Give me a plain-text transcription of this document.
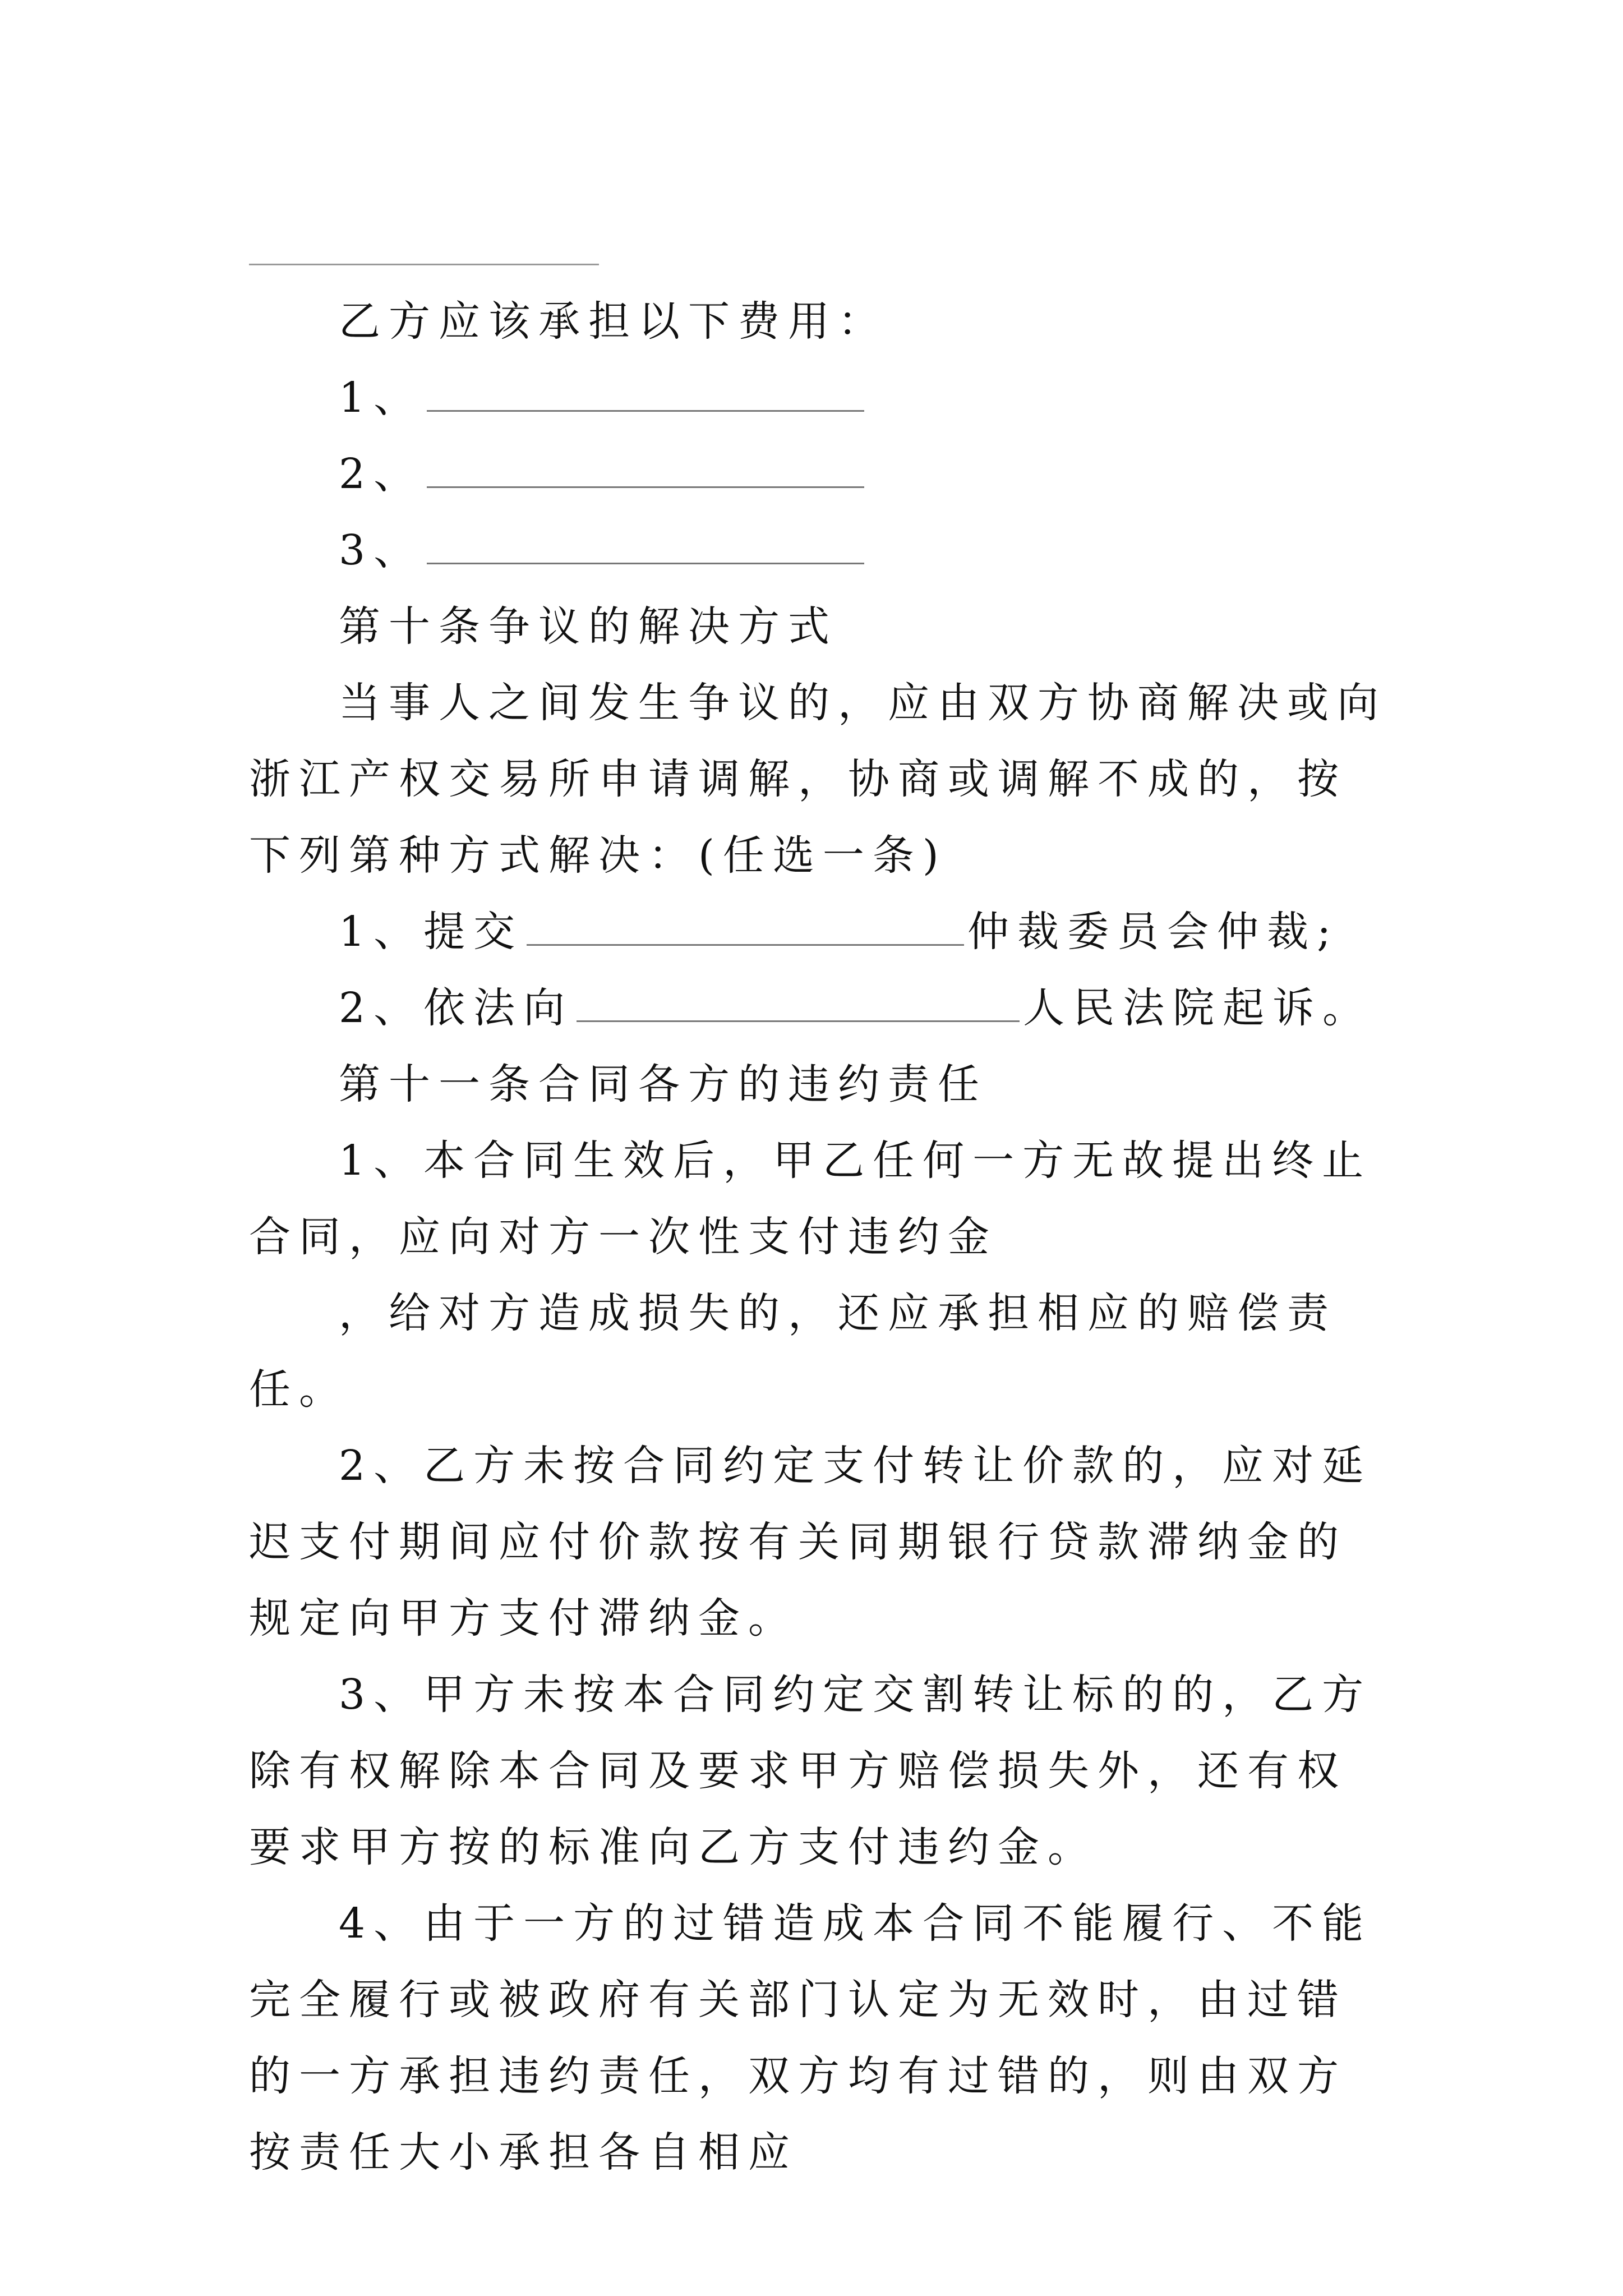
乙方应该承担以下费用：

1、

2、

3、

第十条争议的解决方式

当事人之间发生争议的，应由双方协商解决或向浙江产权交易所申请调解，协商或调解不成的，按下列第种方式解决：(任选一条)

1、提交	仲裁委员会仲裁;

2、依法向	人民法院起诉。

第十一条合同各方的违约责任

1、本合同生效后，甲乙任何一方无故提出终止合同，应向对方一次性支付违约金

，给对方造成损失的，还应承担相应的赔偿责任。

2、乙方未按合同约定支付转让价款的，应对延迟支付期间应付价款按有关同期银行贷款滞纳金的规定向甲方支付滞纳金。

3、甲方未按本合同约定交割转让标的的，乙方除有权解除本合同及要求甲方赔偿损失外，还有权要求甲方按的标准向乙方支付违约金。

4、由于一方的过错造成本合同不能履行、不能完全履行或被政府有关部门认定为无效时，由过错的一方承担违约责任，双方均有过错的，则由双方按责任大小承担各自相应
